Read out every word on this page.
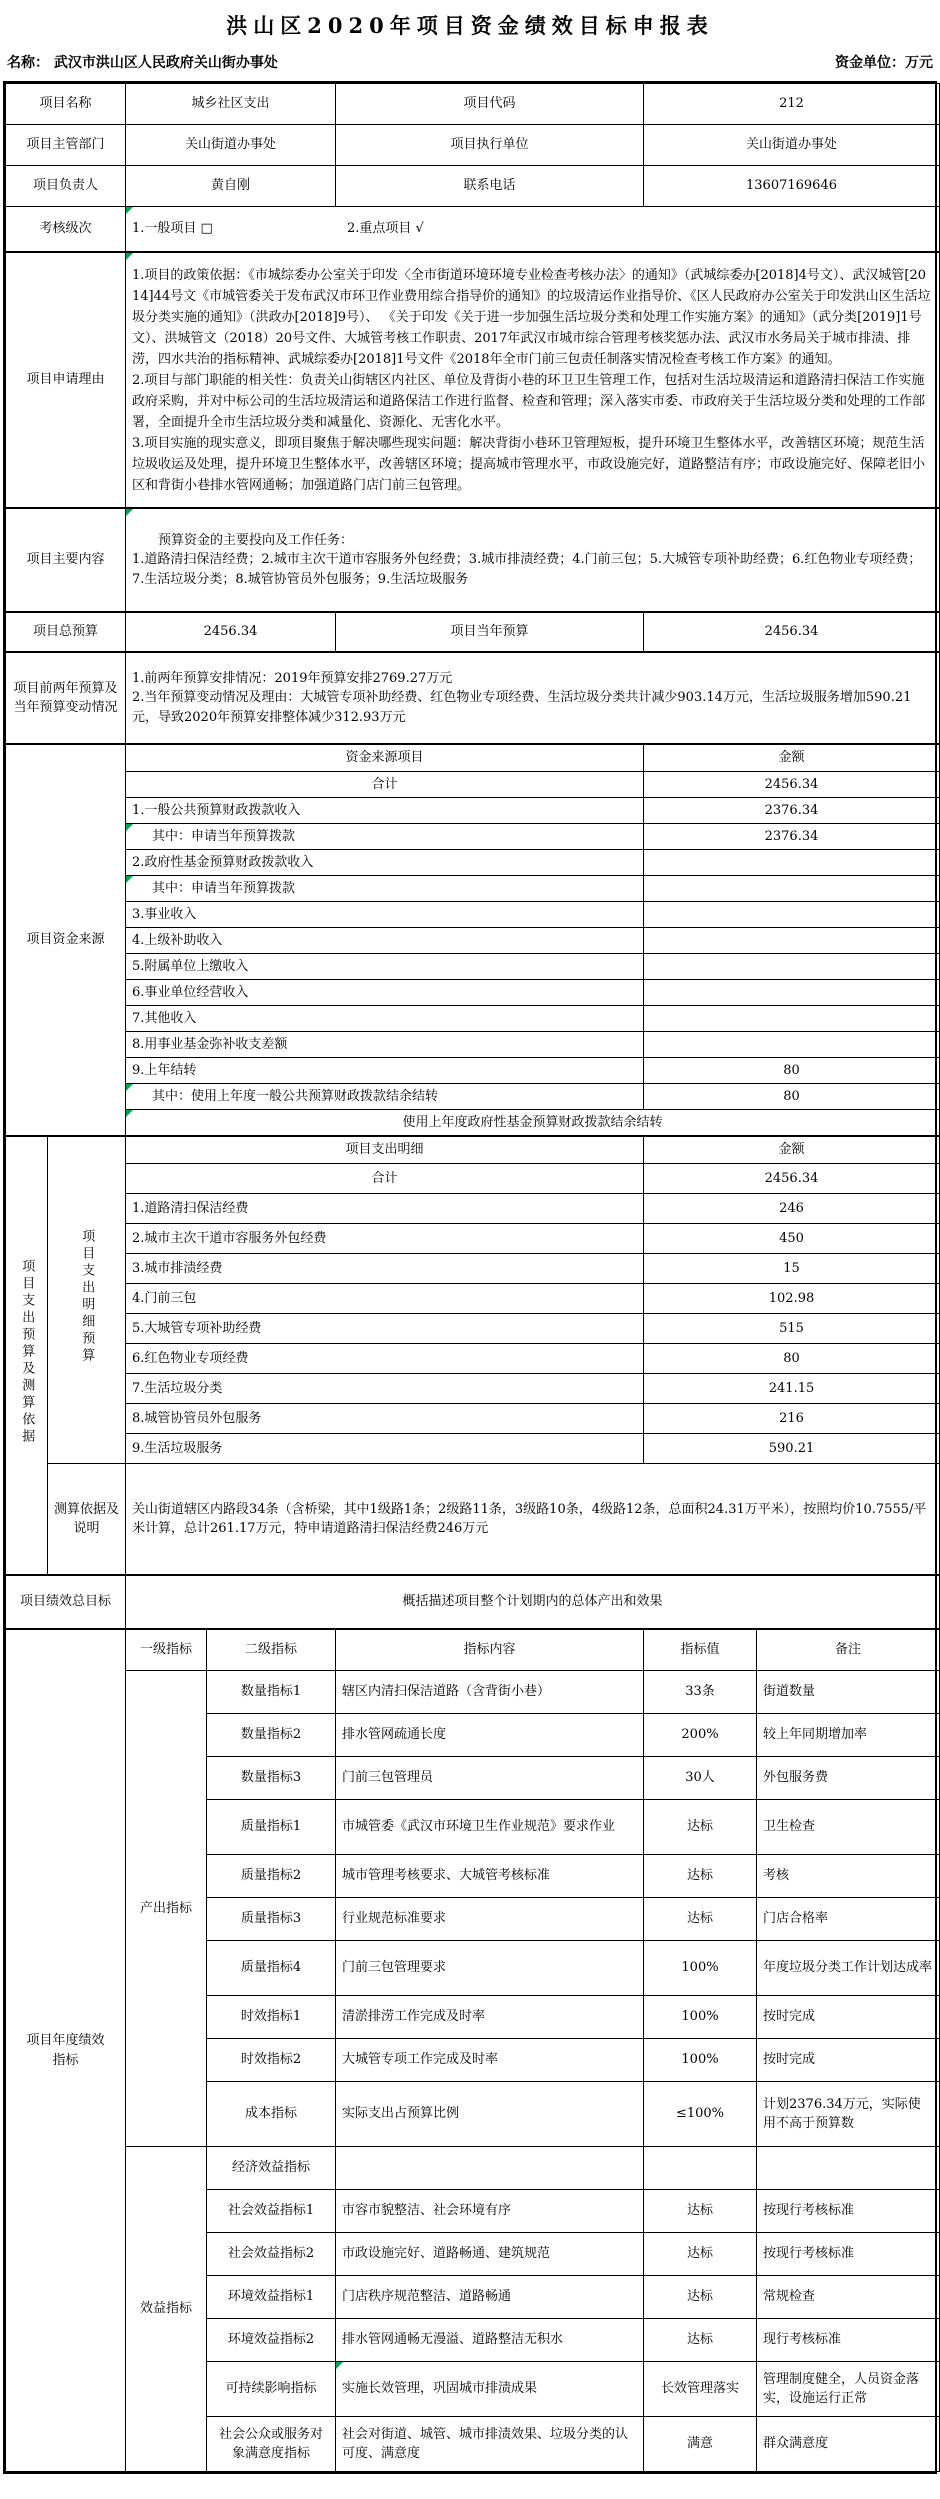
洪山区2020年项目资金绩效目标申报表
名称： 武汉市洪山区人民政府关山街办事处	资金单位：万元
项目名称	城乡社区支出	项目代码	212
项目主管部门	关山街道办事处	项目执行单位	关山街道办事处
项目负责人	黄自刚	联系电话	13607169646
考核级次	1.一般项目 □ 2.重点项目 √		
项目申请理由	
1.项目的政策依据：《市城综委办公室关于印发〈全市街道环境环境专业检查考核办法〉的通知》（武城综委办[2018]4号文）、武汉城管[2014]44号文《市城管委关于发布武汉市环卫作业费用综合指导价的通知》的垃圾清运作业指导价、《区人民政府办公室关于印发洪山区生活垃圾分类实施的通知》（洪政办[2018]9号）、 《关于印发《关于进一步加强生活垃圾分类和处理工作实施方案》的通知》（武分类[2019]1号文）、洪城管文（2018）20号文件、大城管考核工作职责、2017年武汉市城市综合管理考核奖惩办法、武汉市水务局关于城市排渍、排涝，四水共治的指标精神、武城综委办[2018]1号文件《2018年全市门前三包责任制落实情况检查考核工作方案》的通知。
2.项目与部门职能的相关性：负责关山街辖区内社区、单位及背街小巷的环卫卫生管理工作，包括对生活垃圾清运和道路清扫保洁工作实施政府采购，并对中标公司的生活垃圾清运和道路保洁工作进行监督、检查和管理；深入落实市委、市政府关于生活垃圾分类和处理的工作部署，全面提升全市生活垃圾分类和减量化、资源化、无害化水平。
3.项目实施的现实意义，即项目聚焦于解决哪些现实问题：解决背街小巷环卫管理短板，提升环境卫生整体水平，改善辖区环境；规范生活垃圾收运及处理，提升环境卫生整体水平，改善辖区环境；提高城市管理水平，市政设施完好，道路整洁有序；市政设施完好、保障老旧小区和背街小巷排水管网通畅；加强道路门店门前三包管理。
项目主要内容	
预算资金的主要投向及工作任务：
1.道路清扫保洁经费；2.城市主次干道市容服务外包经费；3.城市排渍经费；4.门前三包；5.大城管专项补助经费；6.红色物业专项经费；7.生活垃圾分类；8.城管协管员外包服务；9.生活垃圾服务
项目总预算	2456.34	项目当年预算	2456.34
项目前两年预算及当年预算变动情况	
1.前两年预算安排情况：2019年预算安排2769.27万元
2.当年预算变动情况及理由：大城管专项补助经费、红色物业专项经费、生活垃圾分类共计减少903.14万元，生活垃圾服务增加590.21元，导致2020年预算安排整体减少312.93万元
项目资金来源	资金来源项目	金额
	合计	2456.34
	1.一般公共预算财政拨款收入	2376.34
	其中：申请当年预算拨款	2376.34
	2.政府性基金预算财政拨款收入	
	其中：申请当年预算拨款	
	3.事业收入	
	4.上级补助收入	
	5.附属单位上缴收入	
	6.事业单位经营收入	
	7.其他收入	
	8.用事业基金弥补收支差额	
	9.上年结转	80
	其中：使用上年度一般公共预算财政拨款结余结转	80
	使用上年度政府性基金预算财政拨款结余结转	
项目支出预算及测算依据	项目支出明细预算	项目支出明细	金额
		合计	2456.34
		1.道路清扫保洁经费	246
		2.城市主次干道市容服务外包经费	450
		3.城市排渍经费	15
		4.门前三包	102.98
		5.大城管专项补助经费	515
		6.红色物业专项经费	80
		7.生活垃圾分类	241.15
		8.城管协管员外包服务	216
		9.生活垃圾服务	590.21
	测算依据及说明	关山街道辖区内路段34条（含桥梁，其中1级路1条；2级路11条，3级路10条，4级路12条，总面积24.31万平米），按照均价10.7555/平米计算，总计261.17万元，特申请道路清扫保洁经费246万元	
项目绩效总目标	概括描述项目整个计划期内的总体产出和效果
项目年度绩效指标	一级指标	二级指标	指标内容	指标值	备注
	产出指标	数量指标1	辖区内清扫保洁道路（含背街小巷）	33条	街道数量
		数量指标2	排水管网疏通长度	200%	较上年同期增加率
		数量指标3	门前三包管理员	30人	外包服务费
		质量指标1	市城管委《武汉市环境卫生作业规范》要求作业	达标	卫生检查
		质量指标2	城市管理考核要求、大城管考核标准	达标	考核
		质量指标3	行业规范标准要求	达标	门店合格率
		质量指标4	门前三包管理要求	100%	年度垃圾分类工作计划达成率
		时效指标1	清淤排涝工作完成及时率	100%	按时完成
		时效指标2	大城管专项工作完成及时率	100%	按时完成
		成本指标	实际支出占预算比例	≤100%	计划2376.34万元，实际使用不高于预算数
	效益指标	经济效益指标			
		社会效益指标1	市容市貌整洁、社会环境有序	达标	按现行考核标准
		社会效益指标2	市政设施完好、道路畅通、建筑规范	达标	按现行考核标准
		环境效益指标1	门店秩序规范整洁、道路畅通	达标	常规检查
		环境效益指标2	排水管网通畅无漫溢、道路整洁无积水	达标	现行考核标准
		可持续影响指标	实施长效管理，巩固城市排渍成果	长效管理落实	管理制度健全，人员资金落实，设施运行正常
		社会公众或服务对象满意度指标	社会对街道、城管、城市排渍效果、垃圾分类的认可度、满意度	满意	群众满意度
